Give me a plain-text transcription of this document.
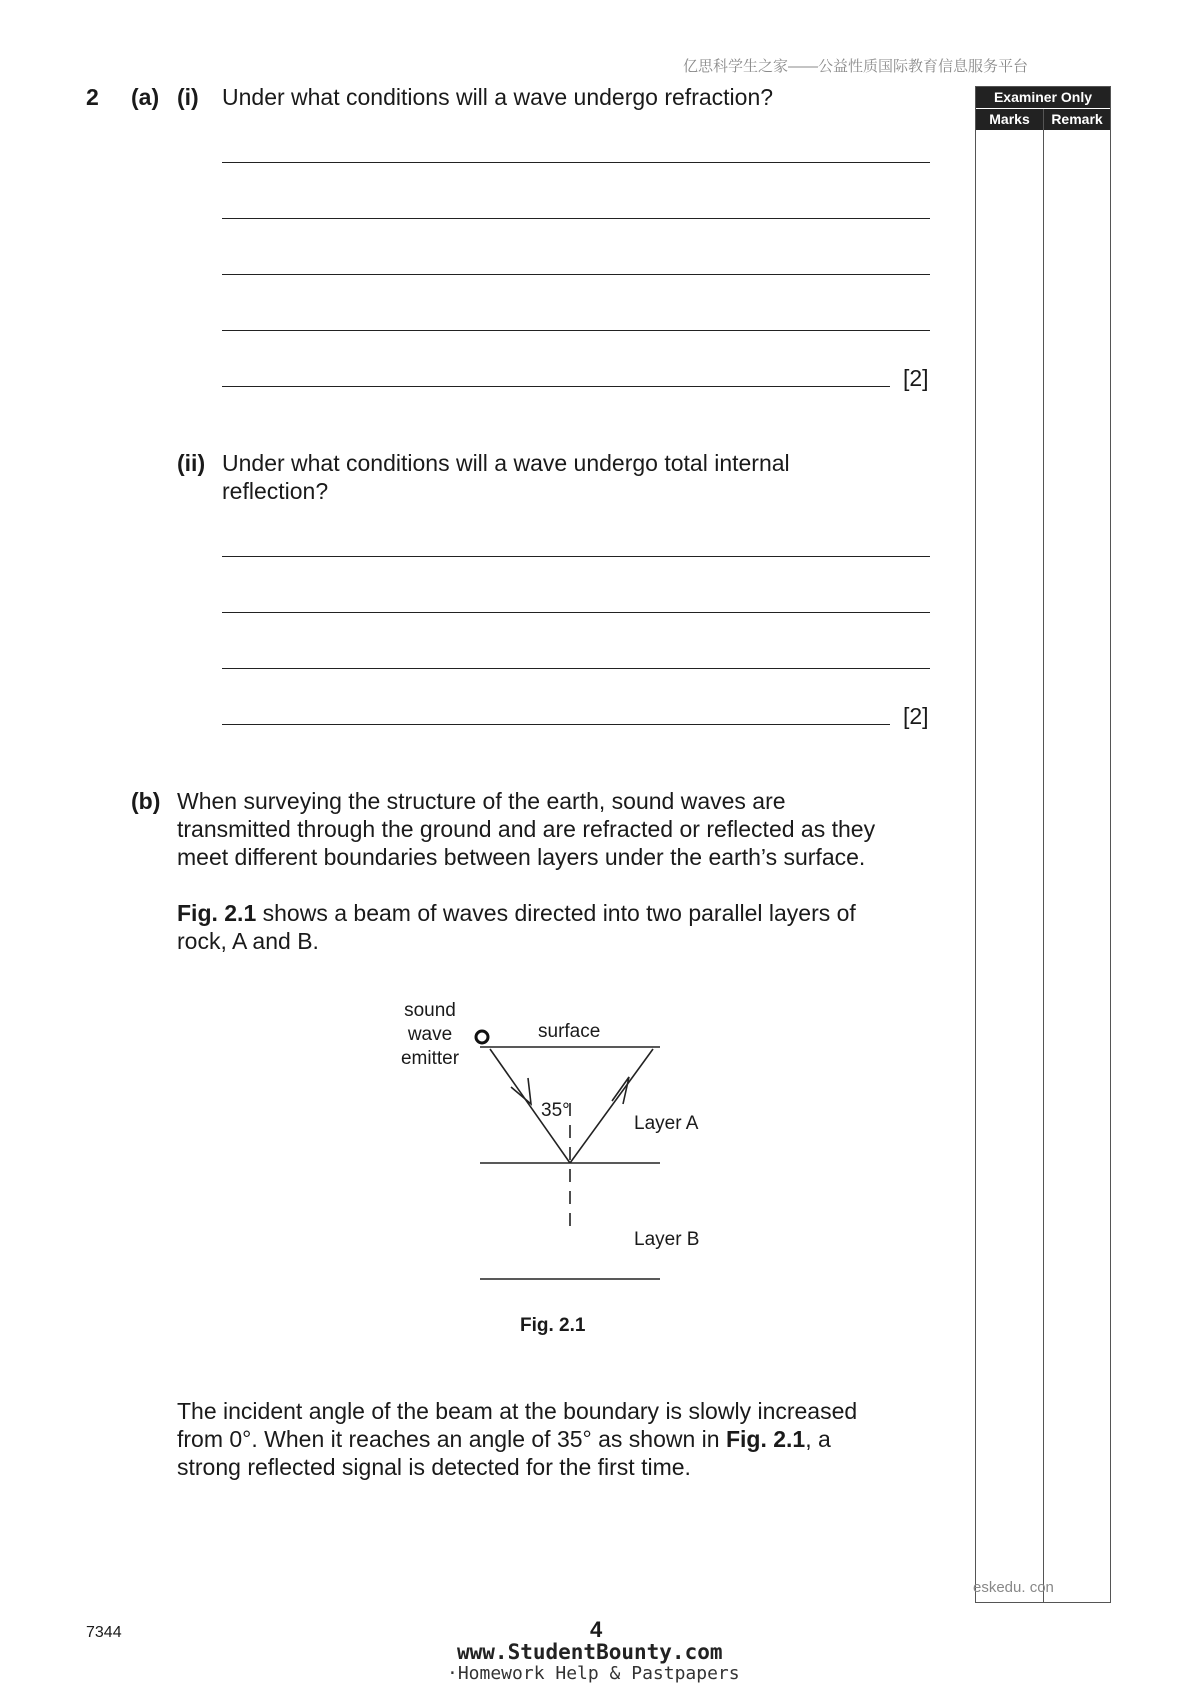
亿思科学生之家——公益性质国际教育信息服务平台
Examiner Only
Marks	Remark
eskedu. con
2 (a) (i) Under what conditions will a wave undergo refraction?
[2]
(ii) Under what conditions will a wave undergo total internal
reflection?
[2]
(b) When surveying the structure of the earth, sound waves are
transmitted through the ground and are refracted or reflected as they
meet different boundaries between layers under the earth’s surface.
Fig. 2.1 shows a beam of waves directed into two parallel layers of
rock, A and B.
sound
wave
emitter
surface
35°
Layer A
Layer B
Fig. 2.1
The incident angle of the beam at the boundary is slowly increased
from 0°. When it reaches an angle of 35° as shown in Fig. 2.1, a
strong reflected signal is detected for the first time.
7344	4
www.StudentBounty.com
·Homework Help & Pastpapers
